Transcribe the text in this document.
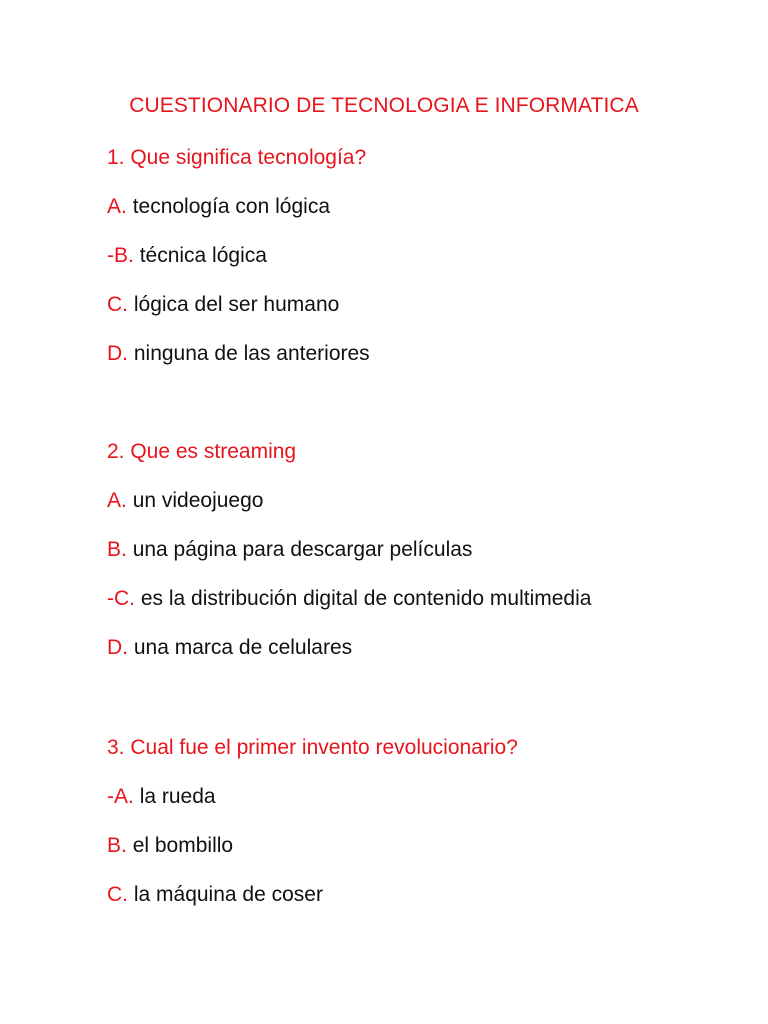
CUESTIONARIO DE TECNOLOGIA E INFORMATICA

1. Que significa tecnología?

A. tecnología con lógica
-B. técnica lógica
C. lógica del ser humano
D. ninguna de las anteriores

2. Que es streaming

A. un videojuego
B. una página para descargar películas
-C. es la distribución digital de contenido multimedia
D. una marca de celulares

3. Cual fue el primer invento revolucionario?

-A. la rueda
B. el bombillo
C. la máquina de coser
